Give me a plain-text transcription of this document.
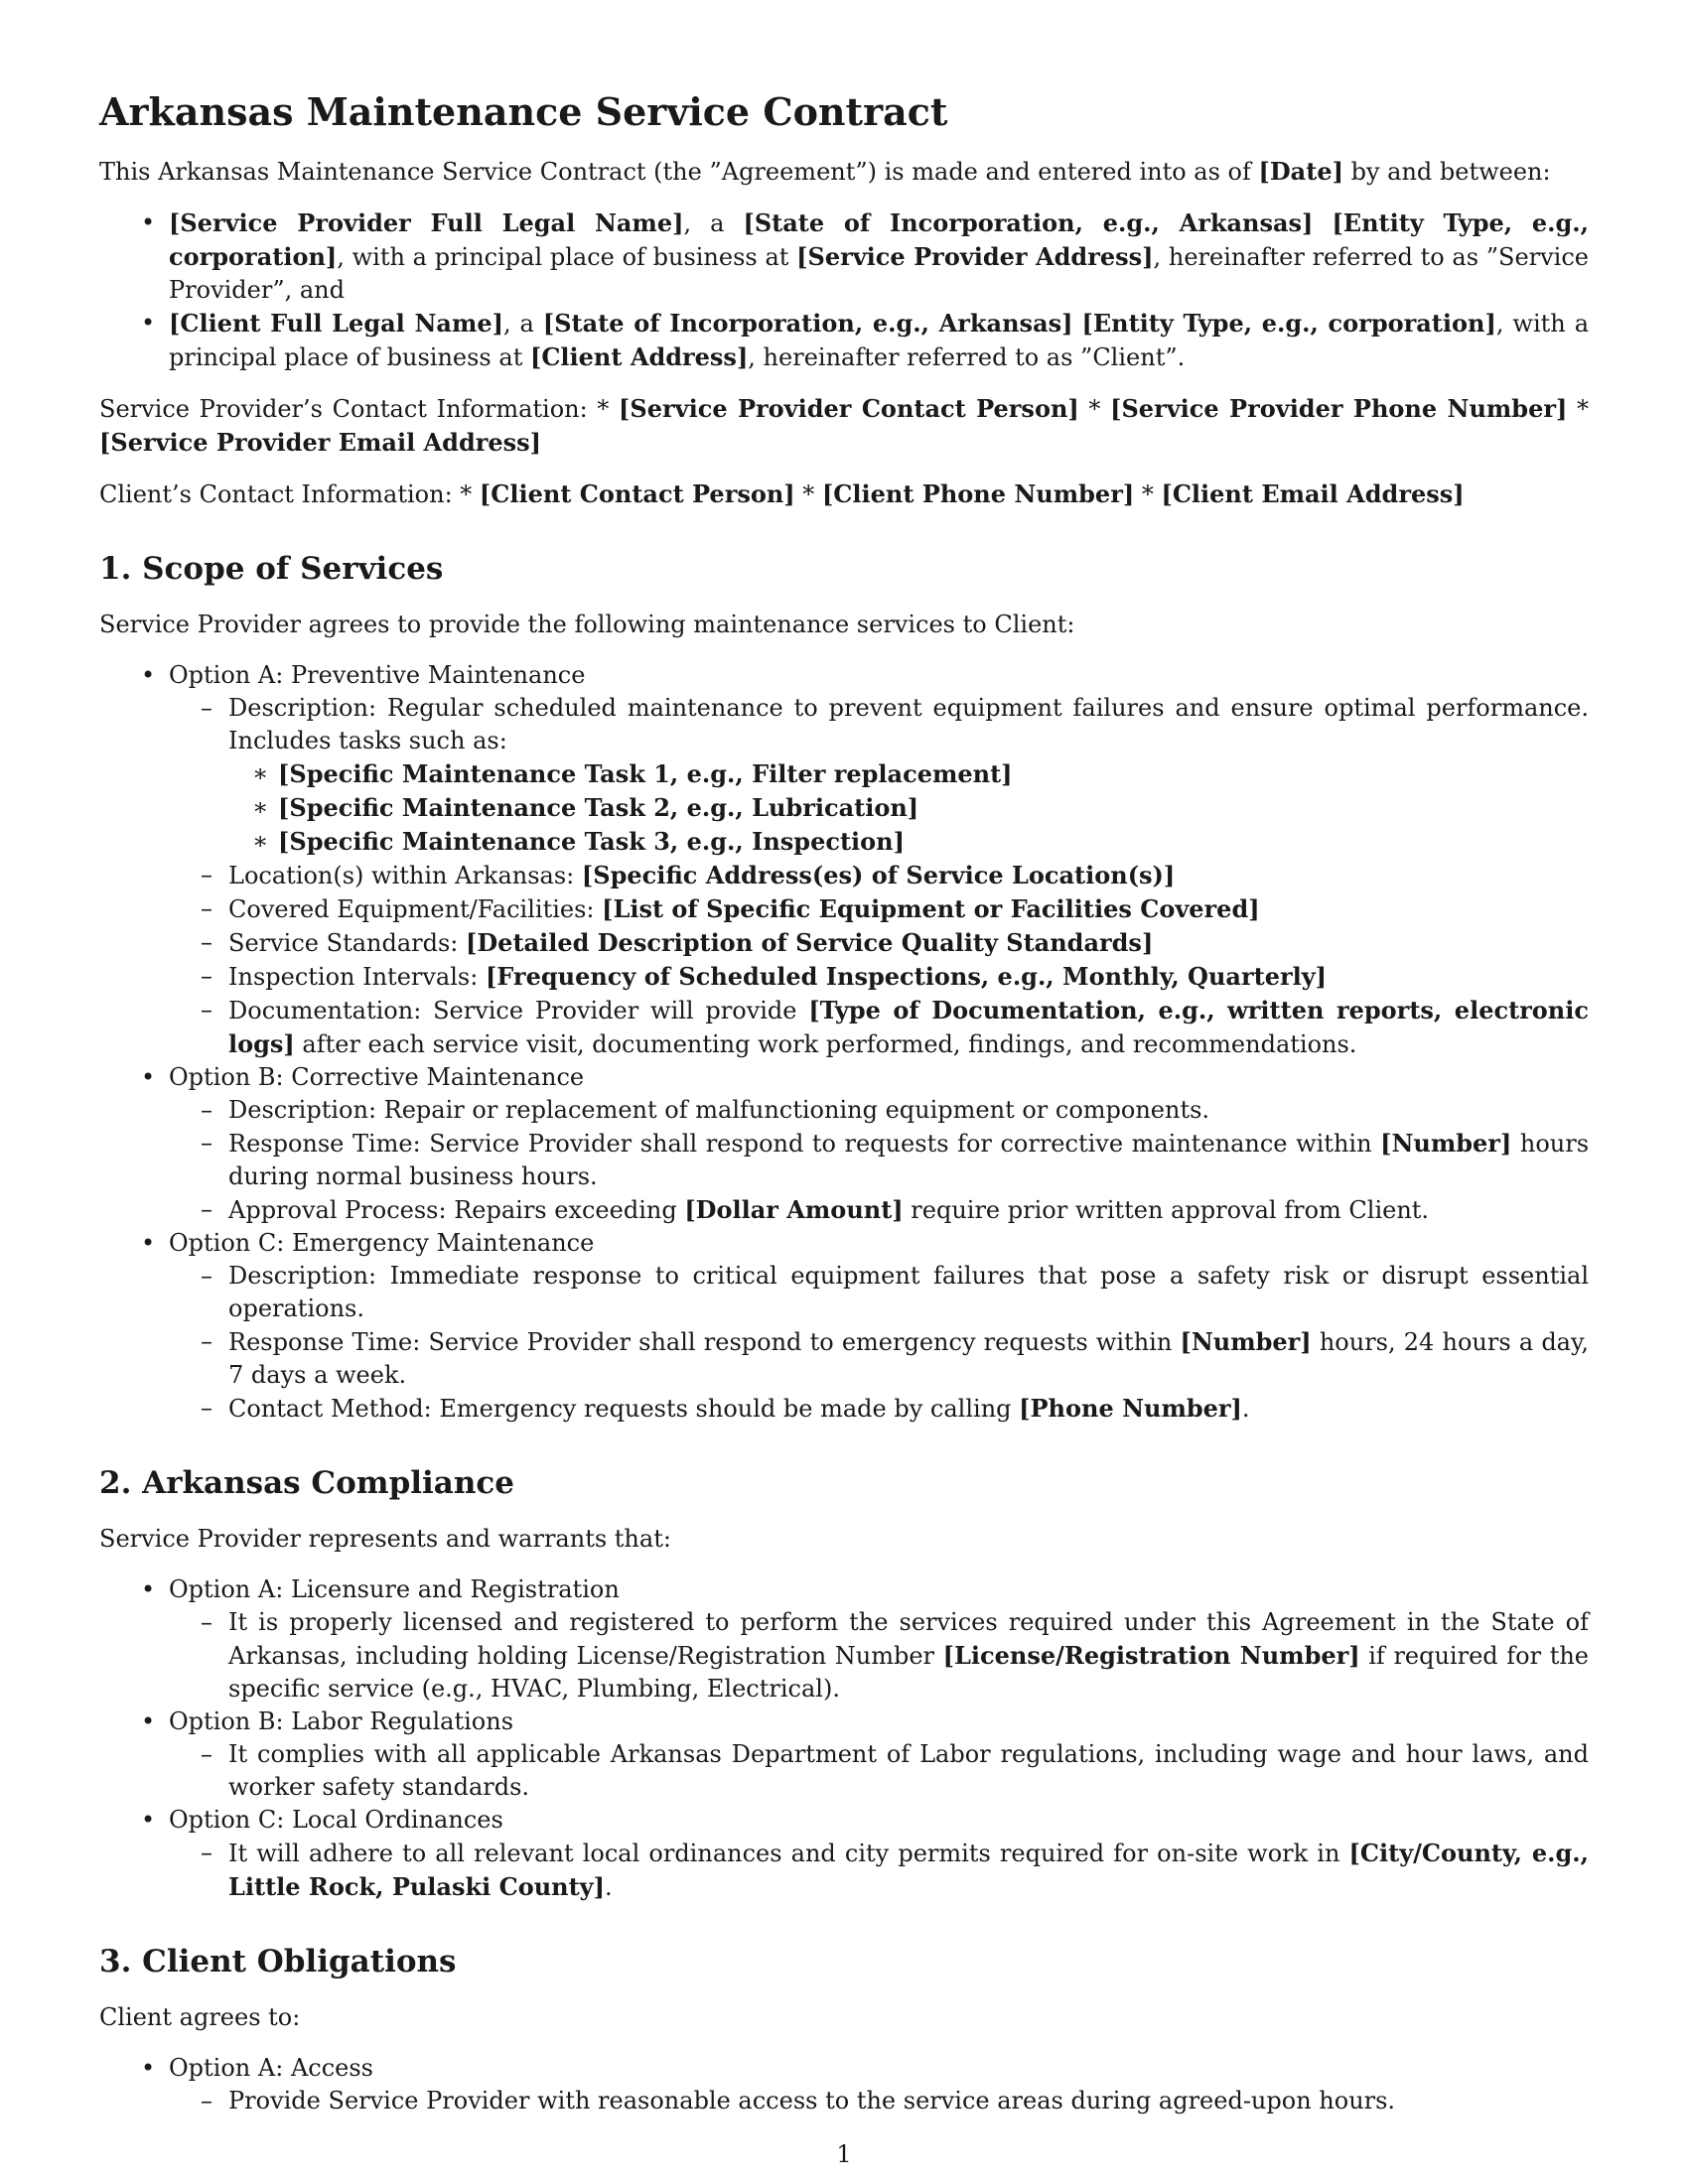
Arkansas Maintenance Service Contract

This Arkansas Maintenance Service Contract (the ”Agreement”) is made and entered into as of [Date] by and between:

• [Service Provider Full Legal Name], a [State of Incorporation, e.g., Arkansas] [Entity Type, e.g., corporation], with a principal place of business at [Service Provider Address], hereinafter referred to as ”Service Provider”, and
• [Client Full Legal Name], a [State of Incorporation, e.g., Arkansas] [Entity Type, e.g., corporation], with a principal place of business at [Client Address], hereinafter referred to as ”Client”.

Service Provider’s Contact Information: * [Service Provider Contact Person] * [Service Provider Phone Number] * [Service Provider Email Address]

Client’s Contact Information: * [Client Contact Person] * [Client Phone Number] * [Client Email Address]

1. Scope of Services

Service Provider agrees to provide the following maintenance services to Client:

• Option A: Preventive Maintenance
– Description: Regular scheduled maintenance to prevent equipment failures and ensure optimal performance. Includes tasks such as:
∗ [Specific Maintenance Task 1, e.g., Filter replacement]
∗ [Specific Maintenance Task 2, e.g., Lubrication]
∗ [Specific Maintenance Task 3, e.g., Inspection]
– Location(s) within Arkansas: [Specific Address(es) of Service Location(s)]
– Covered Equipment/Facilities: [List of Specific Equipment or Facilities Covered]
– Service Standards: [Detailed Description of Service Quality Standards]
– Inspection Intervals: [Frequency of Scheduled Inspections, e.g., Monthly, Quarterly]
– Documentation: Service Provider will provide [Type of Documentation, e.g., written reports, electronic logs] after each service visit, documenting work performed, findings, and recommendations.
• Option B: Corrective Maintenance
– Description: Repair or replacement of malfunctioning equipment or components.
– Response Time: Service Provider shall respond to requests for corrective maintenance within [Number] hours during normal business hours.
– Approval Process: Repairs exceeding [Dollar Amount] require prior written approval from Client.
• Option C: Emergency Maintenance
– Description: Immediate response to critical equipment failures that pose a safety risk or disrupt essential operations.
– Response Time: Service Provider shall respond to emergency requests within [Number] hours, 24 hours a day, 7 days a week.
– Contact Method: Emergency requests should be made by calling [Phone Number].
2. Arkansas Compliance

Service Provider represents and warrants that:

• Option A: Licensure and Registration
– It is properly licensed and registered to perform the services required under this Agreement in the State of Arkansas, including holding License/Registration Number [License/Registration Number] if required for the specific service (e.g., HVAC, Plumbing, Electrical).
• Option B: Labor Regulations
– It complies with all applicable Arkansas Department of Labor regulations, including wage and hour laws, and worker safety standards.
• Option C: Local Ordinances
– It will adhere to all relevant local ordinances and city permits required for on-site work in [City/County, e.g., Little Rock, Pulaski County].
3. Client Obligations

Client agrees to:

• Option A: Access
– Provide Service Provider with reasonable access to the service areas during agreed-upon hours.
1
